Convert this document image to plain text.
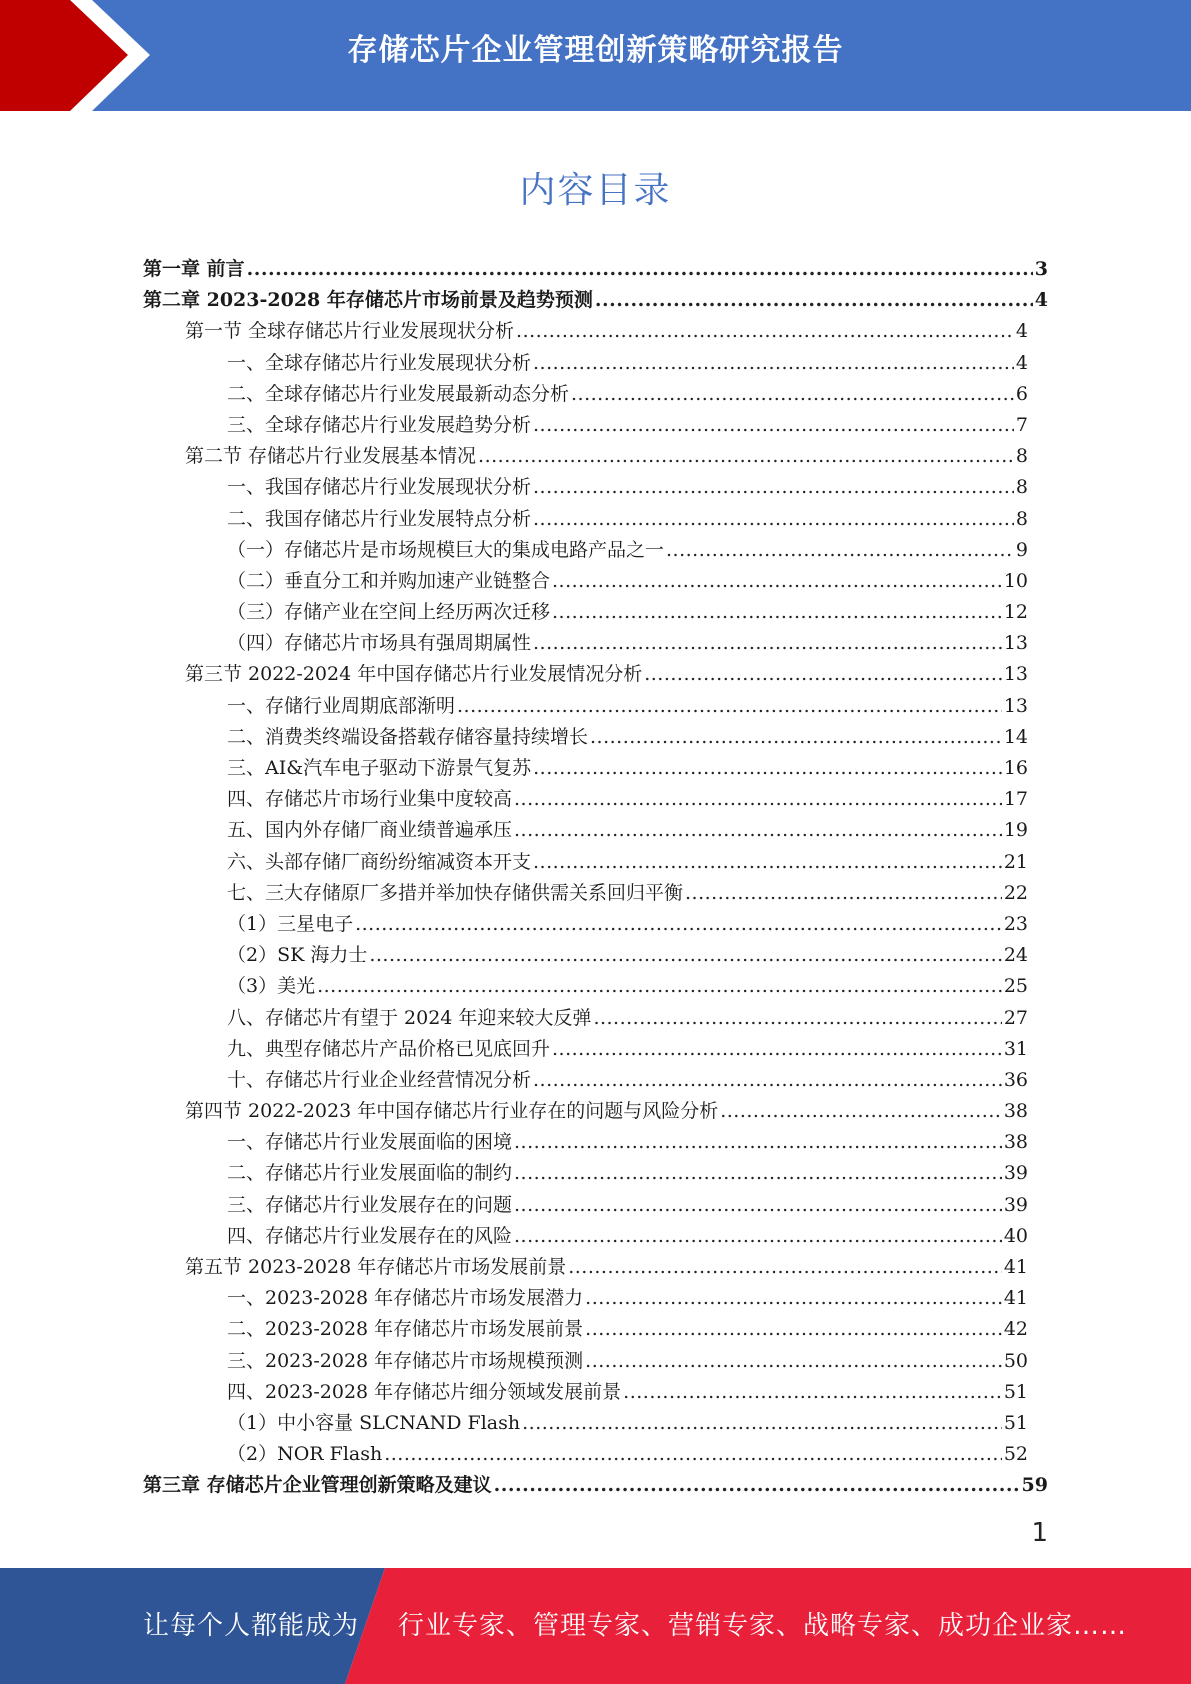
存储芯片企业管理创新策略研究报告
内容目录
第一章 前言 .....	3
第二章 2023-2028 年存储芯片市场前景及趋势预测 .....	4
第一节 全球存储芯片行业发展现状分析 .....	4
一、全球存储芯片行业发展现状分析 .....	4
二、全球存储芯片行业发展最新动态分析 .....	6
三、全球存储芯片行业发展趋势分析 .....	7
第二节 存储芯片行业发展基本情况 .....	8
一、我国存储芯片行业发展现状分析 .....	8
二、我国存储芯片行业发展特点分析 .....	8
（一）存储芯片是市场规模巨大的集成电路产品之一 .....	9
（二）垂直分工和并购加速产业链整合 .....	10
（三）存储产业在空间上经历两次迁移 .....	12
（四）存储芯片市场具有强周期属性 .....	13
第三节 2022-2024 年中国存储芯片行业发展情况分析 .....	13
一、存储行业周期底部渐明 .....	13
二、消费类终端设备搭载存储容量持续增长 .....	14
三、AI&汽车电子驱动下游景气复苏 .....	16
四、存储芯片市场行业集中度较高 .....	17
五、国内外存储厂商业绩普遍承压 .....	19
六、头部存储厂商纷纷缩减资本开支 .....	21
七、三大存储原厂多措并举加快存储供需关系回归平衡 .....	22
（1）三星电子 .....	23
（2）SK 海力士 .....	24
（3）美光 .....	25
八、存储芯片有望于 2024 年迎来较大反弹 .....	27
九、典型存储芯片产品价格已见底回升 .....	31
十、存储芯片行业企业经营情况分析 .....	36
第四节 2022-2023 年中国存储芯片行业存在的问题与风险分析 .....	38
一、存储芯片行业发展面临的困境 .....	38
二、存储芯片行业发展面临的制约 .....	39
三、存储芯片行业发展存在的问题 .....	39
四、存储芯片行业发展存在的风险 .....	40
第五节 2023-2028 年存储芯片市场发展前景 .....	41
一、2023-2028 年存储芯片市场发展潜力 .....	41
二、2023-2028 年存储芯片市场发展前景 .....	42
三、2023-2028 年存储芯片市场规模预测 .....	50
四、2023-2028 年存储芯片细分领域发展前景 .....	51
（1）中小容量 SLCNAND Flash .....	51
（2）NOR Flash .....	52
第三章 存储芯片企业管理创新策略及建议 .....	59
1
让每个人都能成为 行业专家、管理专家、营销专家、战略专家、成功企业家……
